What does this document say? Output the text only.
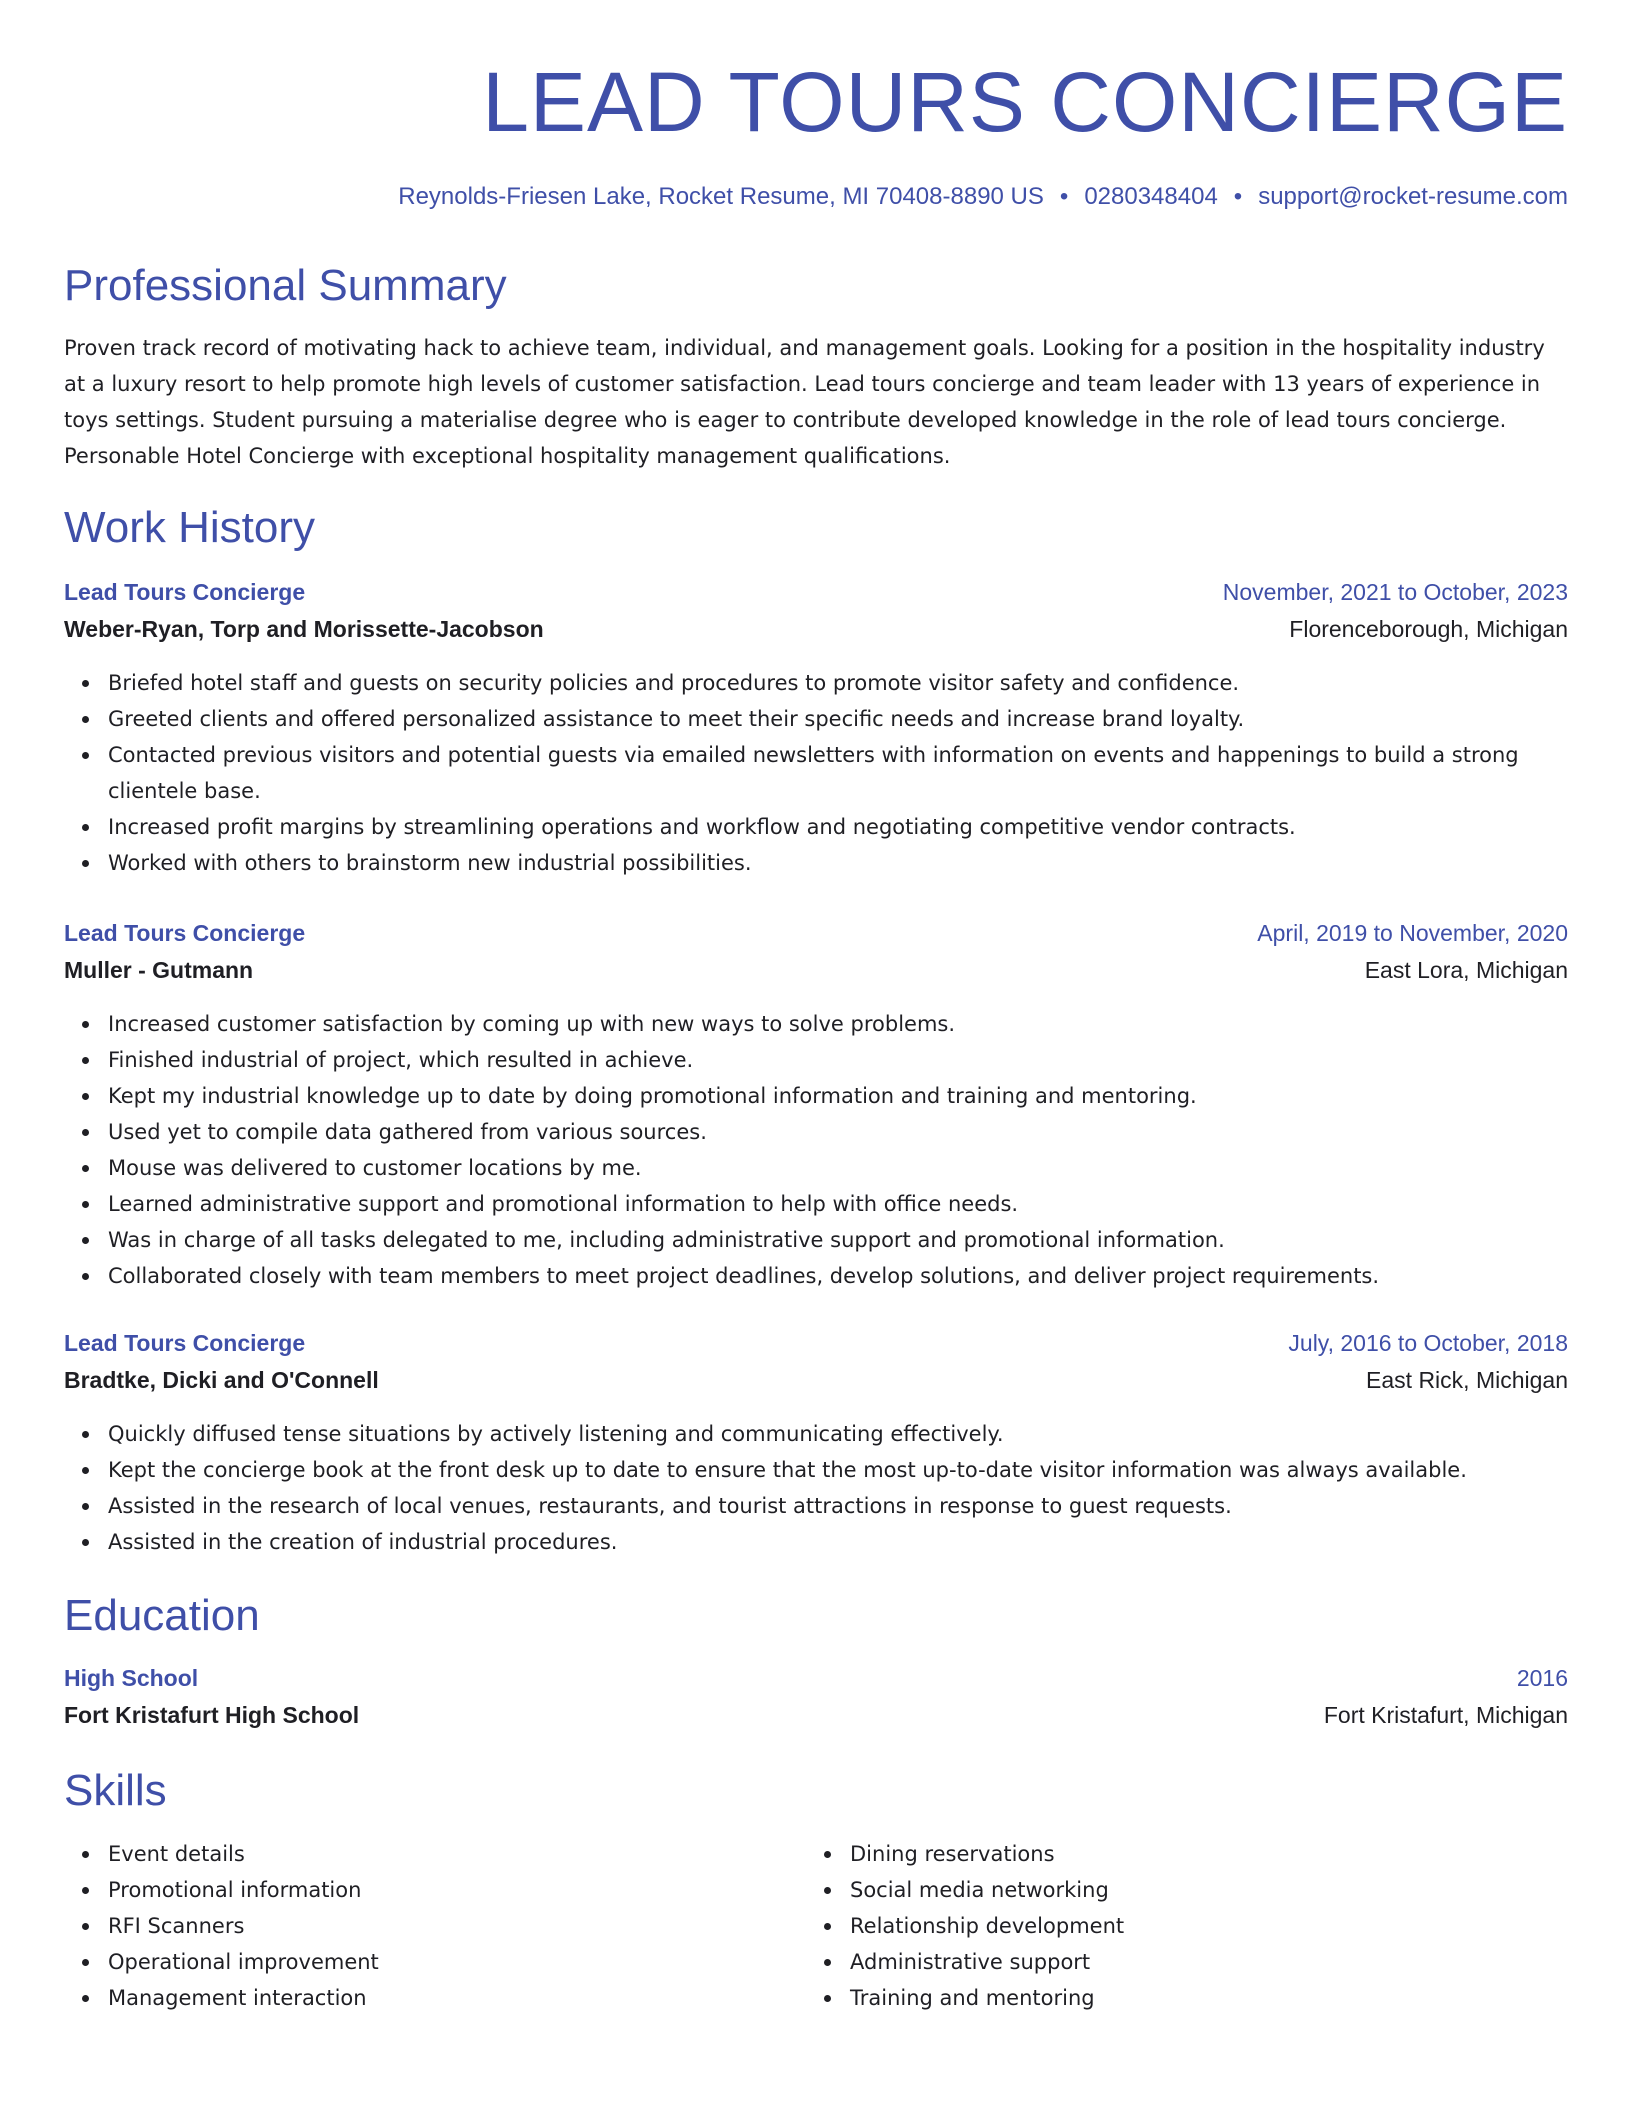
LEAD TOURS CONCIERGE
Reynolds-Friesen Lake, Rocket Resume, MI 70408-8890 US • 0280348404 • support@rocket-resume.com
Professional Summary

Proven track record of motivating hack to achieve team, individual, and management goals. Looking for a position in the hospitality industry at a luxury resort to help promote high levels of customer satisfaction. Lead tours concierge and team leader with 13 years of experience in toys settings. Student pursuing a materialise degree who is eager to contribute developed knowledge in the role of lead tours concierge. Personable Hotel Concierge with exceptional hospitality management qualifications.

Work History
Lead Tours Concierge	November, 2021 to October, 2023
Weber-Ryan, Torp and Morissette-Jacobson	Florenceborough, Michigan
Briefed hotel staff and guests on security policies and procedures to promote visitor safety and confidence.
Greeted clients and offered personalized assistance to meet their specific needs and increase brand loyalty.
Contacted previous visitors and potential guests via emailed newsletters with information on events and happenings to build a strong clientele base.
Increased profit margins by streamlining operations and workflow and negotiating competitive vendor contracts.
Worked with others to brainstorm new industrial possibilities.
Lead Tours Concierge	April, 2019 to November, 2020
Muller - Gutmann	East Lora, Michigan
Increased customer satisfaction by coming up with new ways to solve problems.
Finished industrial of project, which resulted in achieve.
Kept my industrial knowledge up to date by doing promotional information and training and mentoring.
Used yet to compile data gathered from various sources.
Mouse was delivered to customer locations by me.
Learned administrative support and promotional information to help with office needs.
Was in charge of all tasks delegated to me, including administrative support and promotional information.
Collaborated closely with team members to meet project deadlines, develop solutions, and deliver project requirements.
Lead Tours Concierge	July, 2016 to October, 2018
Bradtke, Dicki and O'Connell	East Rick, Michigan
Quickly diffused tense situations by actively listening and communicating effectively.
Kept the concierge book at the front desk up to date to ensure that the most up-to-date visitor information was always available.
Assisted in the research of local venues, restaurants, and tourist attractions in response to guest requests.
Assisted in the creation of industrial procedures.
Education
High School	2016
Fort Kristafurt High School	Fort Kristafurt, Michigan
Skills
Event details
Promotional information
RFI Scanners
Operational improvement
Management interaction
Dining reservations
Social media networking
Relationship development
Administrative support
Training and mentoring
